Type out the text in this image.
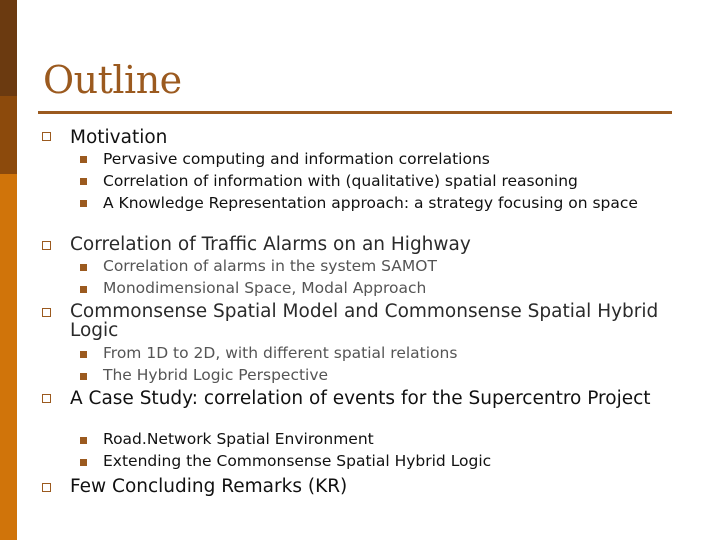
Outline
Motivation
Pervasive computing and information correlations
Correlation of information with (qualitative) spatial reasoning
A Knowledge Representation approach: a strategy focusing on space
Correlation of Traffic Alarms on an Highway
Correlation of alarms in the system SAMOT
Monodimensional Space, Modal Approach
Commonsense Spatial Model and Commonsense Spatial Hybrid Logic
From 1D to 2D, with different spatial relations
The Hybrid Logic Perspective
A Case Study: correlation of events for the Supercentro Project
Road.Network Spatial Environment
Extending the Commonsense Spatial Hybrid Logic
Few Concluding Remarks (KR)
